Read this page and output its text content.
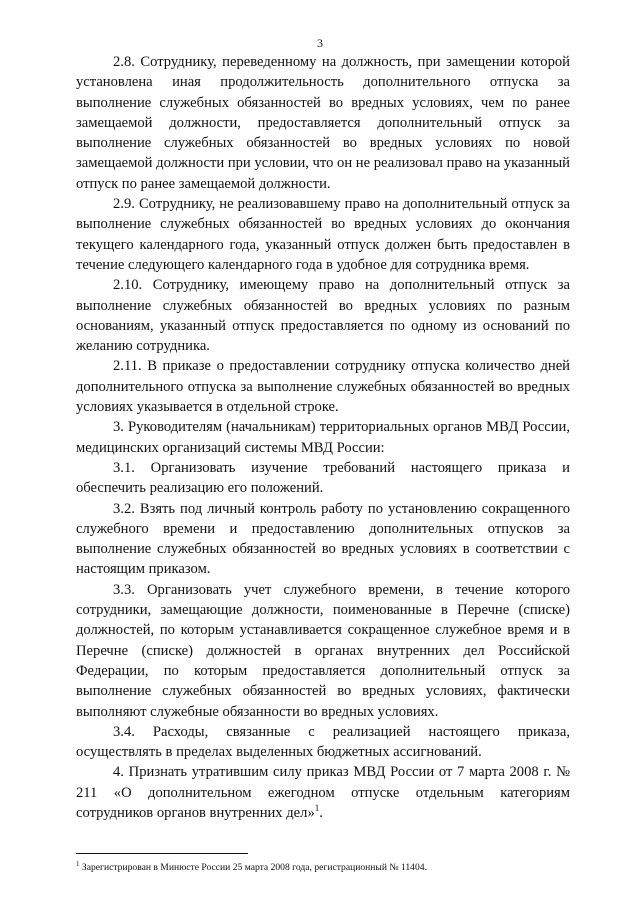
3

2.8. Сотруднику, переведенному на должность, при замещении которой установлена иная продолжительность дополнительного отпуска за выполнение служебных обязанностей во вредных условиях, чем по ранее замещаемой должности, предоставляется дополнительный отпуск за выполнение служебных обязанностей во вредных условиях по новой замещаемой должности при условии, что он не реализовал право на указанный отпуск по ранее замещаемой должности.

2.9. Сотруднику, не реализовавшему право на дополнительный отпуск за выполнение служебных обязанностей во вредных условиях до окончания текущего календарного года, указанный отпуск должен быть предоставлен в течение следующего календарного года в удобное для сотрудника время.

2.10. Сотруднику, имеющему право на дополнительный отпуск за выполнение служебных обязанностей во вредных условиях по разным основаниям, указанный отпуск предоставляется по одному из оснований по желанию сотрудника.

2.11. В приказе о предоставлении сотруднику отпуска количество дней дополнительного отпуска за выполнение служебных обязанностей во вредных условиях указывается в отдельной строке.

3. Руководителям (начальникам) территориальных органов МВД России, медицинских организаций системы МВД России:

3.1. Организовать изучение требований настоящего приказа и обеспечить реализацию его положений.

3.2. Взять под личный контроль работу по установлению сокращенного служебного времени и предоставлению дополнительных отпусков за выполнение служебных обязанностей во вредных условиях в соответствии с настоящим приказом.

3.3. Организовать учет служебного времени, в течение которого сотрудники, замещающие должности, поименованные в Перечне (списке) должностей, по которым устанавливается сокращенное служебное время и в Перечне (списке) должностей в органах внутренних дел Российской Федерации, по которым предоставляется дополнительный отпуск за выполнение служебных обязанностей во вредных условиях, фактически выполняют служебные обязанности во вредных условиях.

3.4. Расходы, связанные с реализацией настоящего приказа, осуществлять в пределах выделенных бюджетных ассигнований.

4. Признать утратившим силу приказ МВД России от 7 марта 2008 г. № 211 «О дополнительном ежегодном отпуске отдельным категориям сотрудников органов внутренних дел»$^1$.

$^1$ Зарегистрирован в Минюсте России 25 марта 2008 года, регистрационный № 11404.
